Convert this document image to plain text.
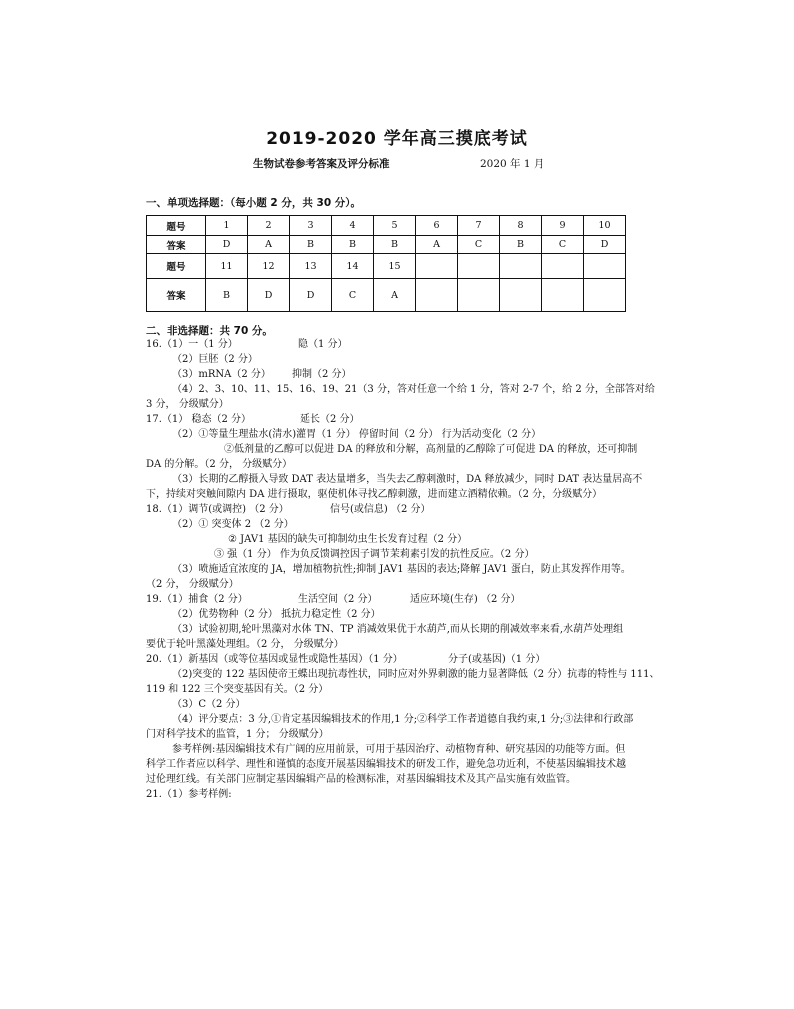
2019-2020 学年高三摸底考试
生物试卷参考答案及评分标准	2020 年 1 月
一、单项选择题：（每小题 2 分，共 30 分）。
题号	1	2	3	4	5	6	7	8	9	10
答案	D	A	B	B	B	A	C	B	C	D
题号	11	12	13	14	15					
答案	B	D	D	C	A					
二、非选择题：共 70 分。
16.（1）一（1 分）	隐（1 分）
（2）巨胚（2 分）
（3）mRNA（2 分） 抑制（2 分）
（4）2、3、10、11、15、16、19、21（3 分，答对任意一个给 1 分，答对 2-7 个，给 2 分，全部答对给
3 分， 分级赋分）
17.（1） 稳态（2 分）	延长（2 分）
（2）①等量生理盐水(清水)灌胃（1 分） 停留时间（2 分） 行为活动变化（2 分）
②低剂量的乙醇可以促进 DA 的释放和分解，高剂量的乙醇除了可促进 DA 的释放，还可抑制
DA 的分解。（2 分， 分级赋分）
（3）长期的乙醇摄入导致 DAT 表达量增多，当失去乙醇刺激时，DA 释放减少，同时 DAT 表达量居高不
下，持续对突触间隙内 DA 进行摄取，驱使机体寻找乙醇刺激，进而建立酒精依赖。（2 分，分级赋分）
18.（1）调节(或调控) （2 分）	信号(或信息) （2 分）
（2）① 突变体 2 （2 分）
② JAV1 基因的缺失可抑制幼虫生长发育过程（2 分）
③ 强（1 分） 作为负反馈调控因子调节茉莉素引发的抗性反应。（2 分）
（3）喷施适宜浓度的 JA，增加植物抗性;抑制 JAV1 基因的表达;降解 JAV1 蛋白，防止其发挥作用等。
（2 分， 分级赋分）
19.（1）捕食（2 分）	生活空间（2 分）	适应环境(生存) （2 分）
（2）优势物种（2 分） 抵抗力稳定性（2 分）
（3）试验初期,轮叶黑藻对水体 TN、TP 消减效果优于水葫芦,而从长期的削减效率来看,水葫芦处理组
要优于轮叶黑藻处理组。（2 分， 分级赋分）
20.（1）新基因（或等位基因或显性或隐性基因）（1 分）	分子(或基因)（1 分）
（2)突变的 122 基因使帝王蝶出现抗毒性状，同时应对外界刺激的能力显著降低（2 分）抗毒的特性与 111、
119 和 122 三个突变基因有关。（2 分）
（3）C（2 分）
（4）评分要点：3 分,①肯定基因编辑技术的作用,1 分;②科学工作者道德自我约束,1 分;③法律和行政部
门对科学技术的监管，1 分； 分级赋分）
参考样例:基因编辑技术有广阔的应用前景，可用于基因治疗、动植物育种、研究基因的功能等方面。但
科学工作者应以科学、理性和谨慎的态度开展基因编辑技术的研发工作，避免急功近利，不使基因编辑技术越
过伦理红线。有关部门应制定基因编辑产品的检测标准，对基因编辑技术及其产品实施有效监管。
21.（1）参考样例:
